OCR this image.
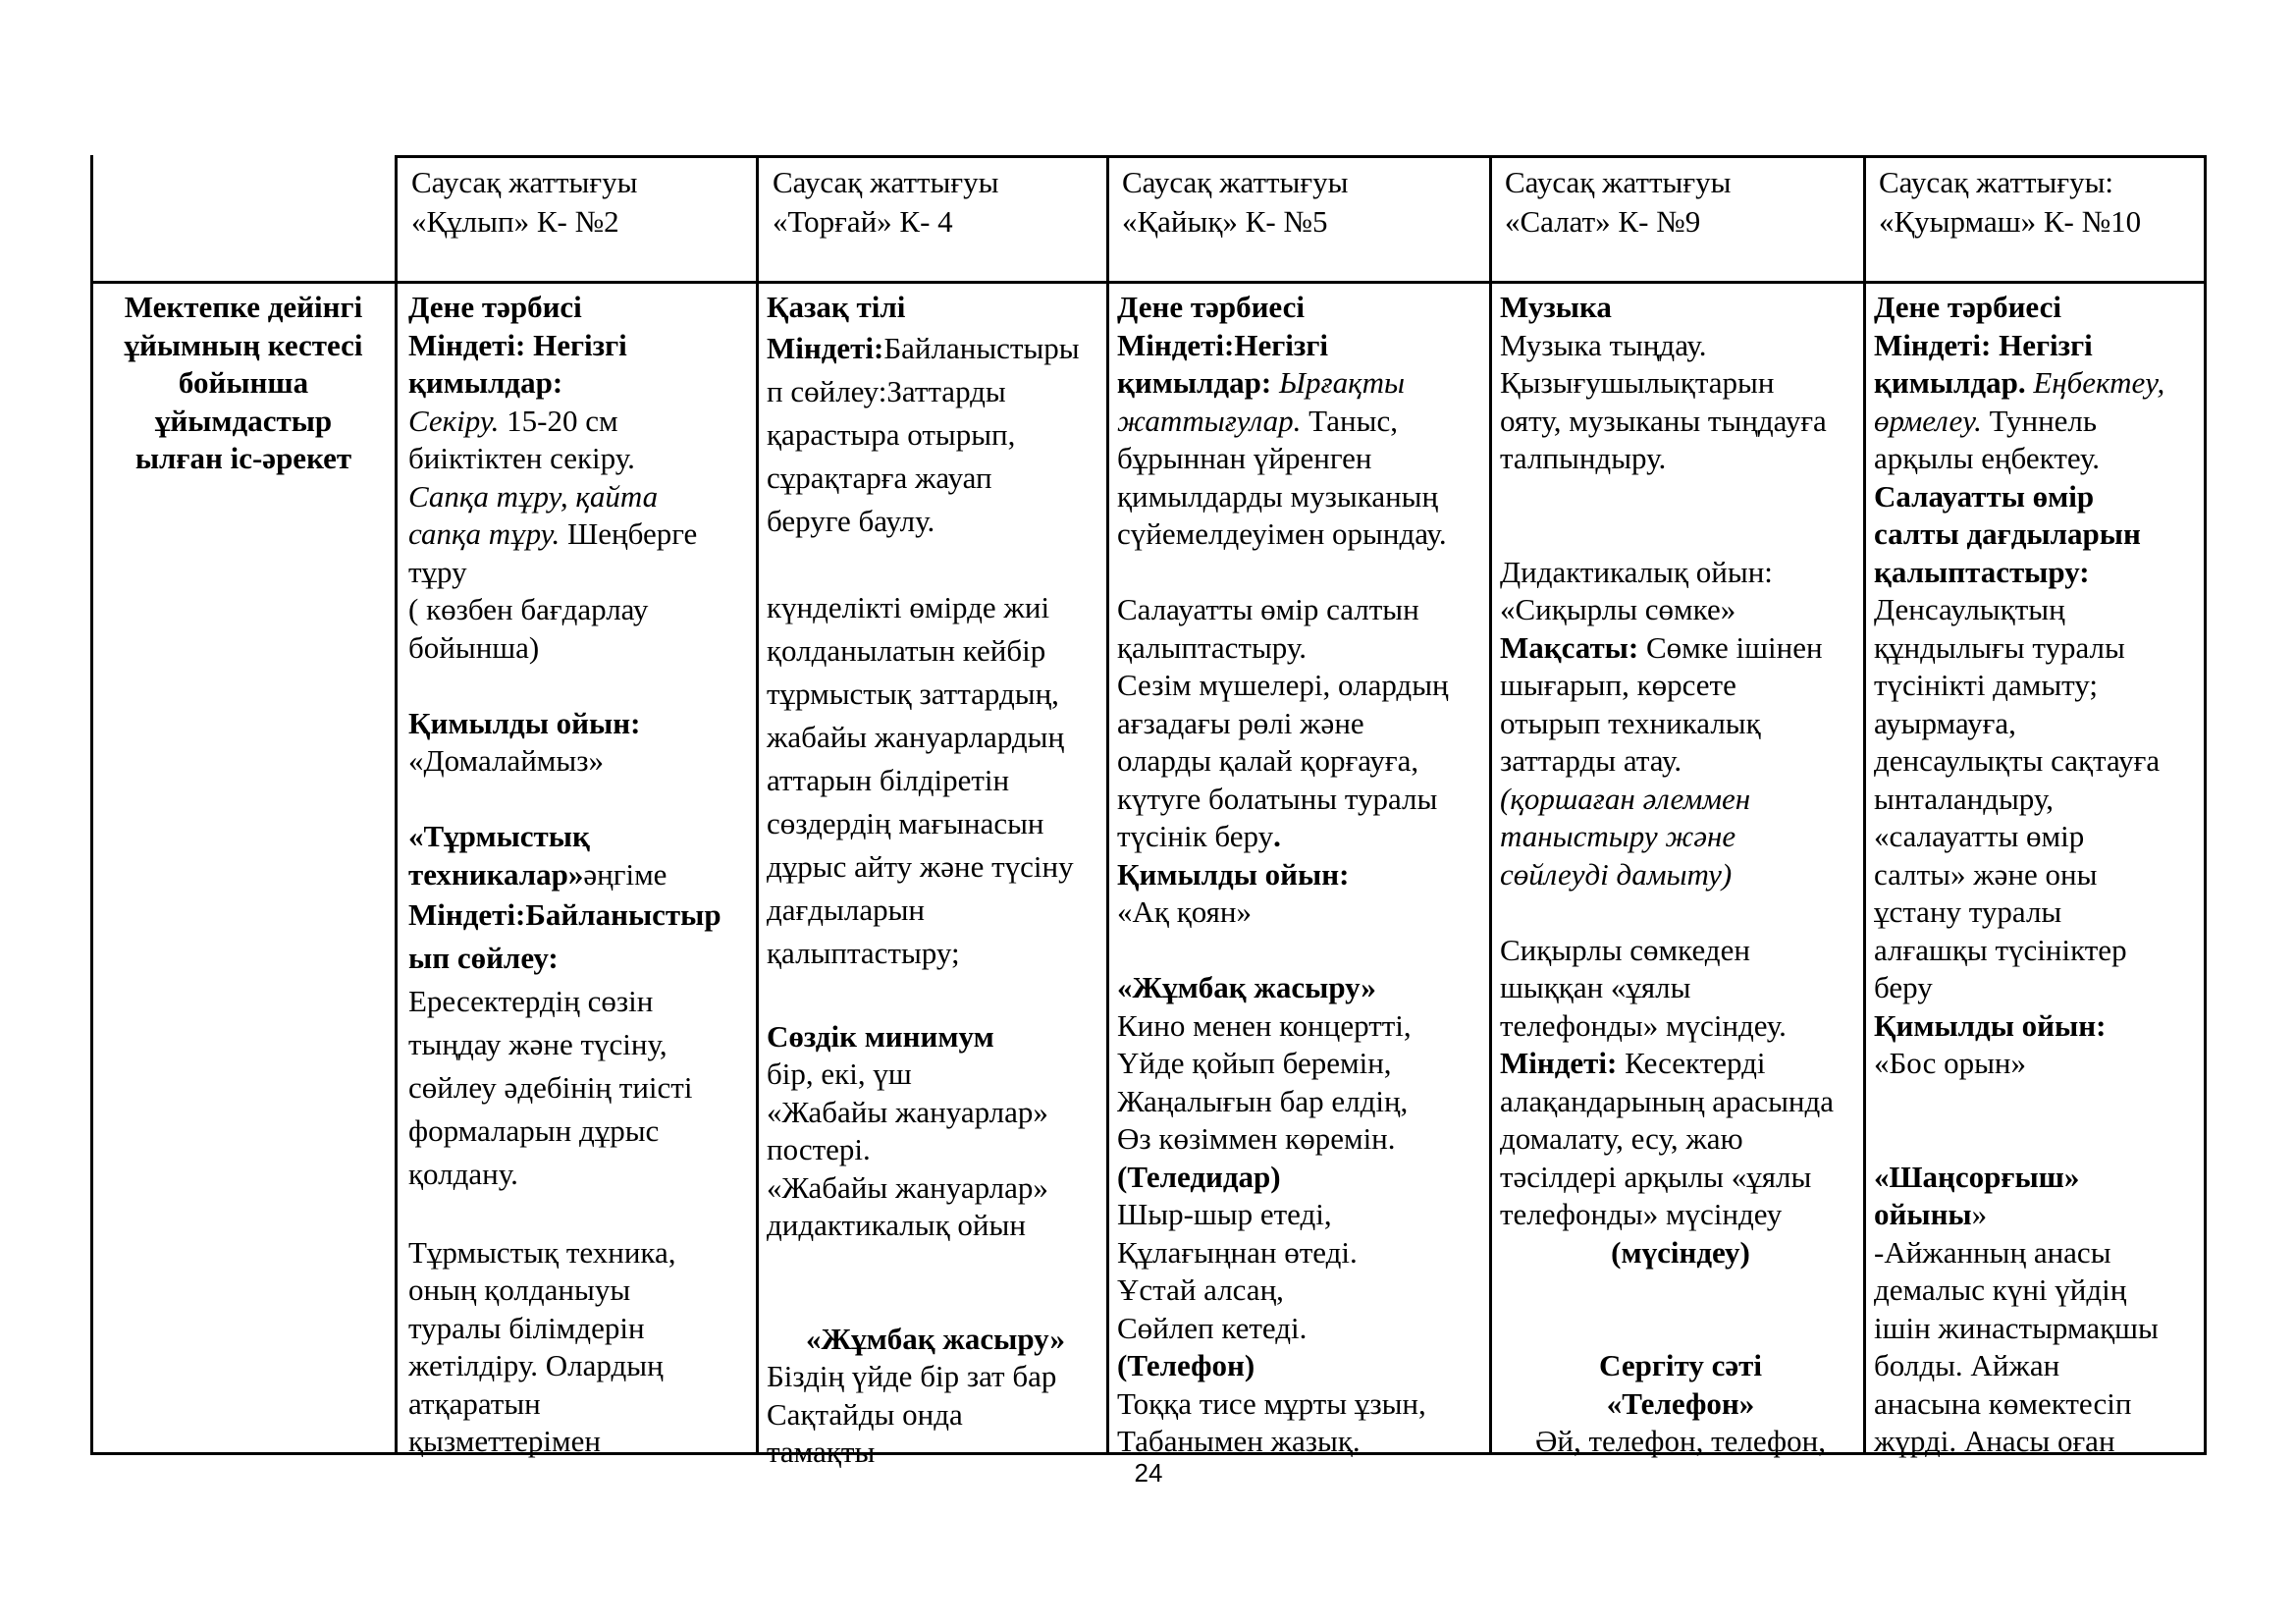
Саусақ жаттығуы
«Құлып» К- №2
Саусақ жаттығуы
«Торғай» К- 4
Саусақ жаттығуы
«Қайық» К- №5
Саусақ жаттығуы
«Салат» К- №9
Саусақ жаттығуы:
«Қуырмаш» К- №10
Мектепке дейінгі
ұйымның кестесі
бойынша
ұйымдастыр
ылған іс-әрекет
Дене тәрбисі
Міндеті: Негізгі
қимылдар:
Секіру. 15-20 см
биіктіктен секіру.
Сапқа тұру, қайта
сапқа тұру. Шеңберге
тұру
( көзбен бағдарлау
бойынша)
Қимылды ойын:
«Домалаймыз»
«Тұрмыстық
техникалар»әңгіме
Міндеті:Байланыстыр
ып сөйлеу:
Ересектердің сөзін
тыңдау және түсіну,
сөйлеу әдебінің тиісті
формаларын дұрыс
қолдану.
Тұрмыстық техника,
оның қолданыуы
туралы білімдерін
жетілдіру. Олардың
атқаратын
қызметтерімен
Қазақ тілі
Міндеті:Байланыстыры
п сөйлеу:Заттарды
қарастыра отырып,
сұрақтарға жауап
беруге баулу.
күнделікті өмірде жиі
қолданылатын кейбір
тұрмыстық заттардың,
жабайы жануарлардың
аттарын білдіретін
сөздердің мағынасын
дұрыс айту және түсіну
дағдыларын
қалыптастыру;
Сөздік минимум
бір, екі, үш
«Жабайы жануарлар»
постері.
«Жабайы жануарлар»
дидактикалық ойын
«Жұмбақ жасыру»
Біздің үйде бір зат бар
Сақтайды онда
тамақты
Дене тәрбиесі
Міндеті:Негізгі
қимылдар: Ырғақты
жаттығулар. Таныс,
бұрыннан үйренген
қимылдарды музыканың
сүйемелдеуімен орындау.
Салауатты өмір салтын
қалыптастыру.
Сезім мүшелері, олардың
ағзадағы рөлі және
оларды қалай қорғауға,
күтуге болатыны туралы
түсінік беру.
Қимылды ойын:
«Ақ қоян»
«Жұмбақ жасыру»
Кино менен концертті,
Үйде қойып беремін,
Жаңалығын бар елдің,
Өз көзіммен көремін.
(Теледидар)
Шыр-шыр етеді,
Құлағыңнан өтеді.
Ұстай алсаң,
Сөйлеп кетеді.
(Телефон)
Тоққа тисе мұрты ұзын,
Табанымен жазық.
Музыка
Музыка тыңдау.
Қызығушылықтарын
ояту, музыканы тыңдауға
талпындыру.
Дидактикалық ойын:
«Сиқырлы сөмке»
Мақсаты: Сөмке ішінен
шығарып, көрсете
отырып техникалық
заттарды атау.
(қоршаған әлеммен
таныстыру және
сөйлеуді дамыту)
Сиқырлы сөмкеден
шыққан «ұялы
телефонды» мүсіндеу.
Міндеті: Кесектерді
алақандарының арасында
домалату, есу, жаю
тәсілдері арқылы «ұялы
телефонды» мүсіндеу
(мүсіндеу)
Сергіту сәті
«Телефон»
Әй, телефон, телефон,
Дене тәрбиесі
Міндеті: Негізгі
қимылдар. Еңбектеу,
өрмелеу. Туннель
арқылы еңбектеу.
Салауатты өмір
салты дағдыларын
қалыптастыру:
Денсаулықтың
құндылығы туралы
түсінікті дамыту;
ауырмауға,
денсаулықты сақтауға
ынталандыру,
«салауатты өмір
салты» және оны
ұстану туралы
алғашқы түсініктер
беру
Қимылды ойын:
«Бос орын»
«Шаңсорғыш»
ойыны»
-Айжанның анасы
демалыс күні үйдің
ішін жинастырмақшы
болды. Айжан
анасына көмектесіп
жүрді. Анасы оған
24
